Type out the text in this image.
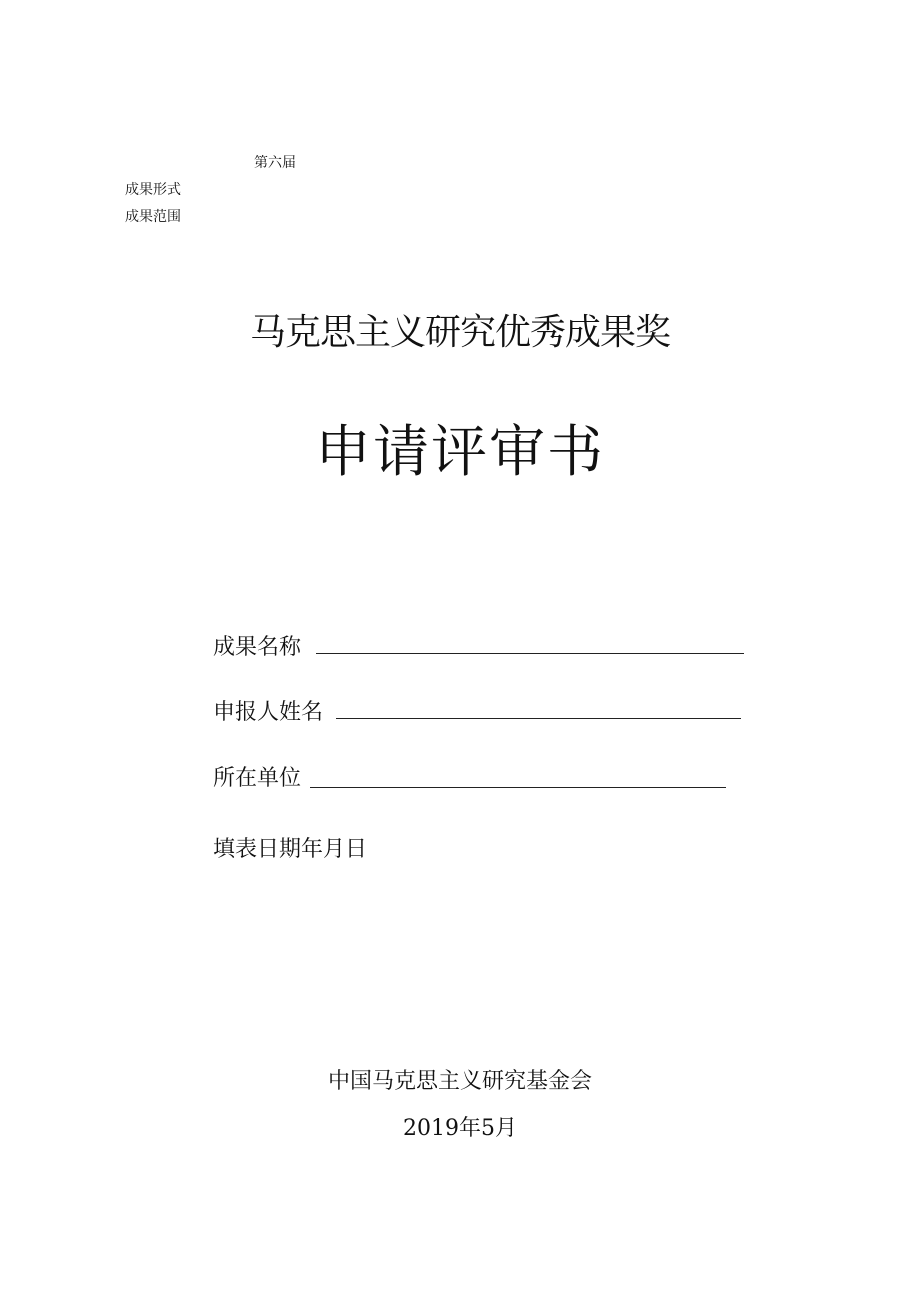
第六届
成果形式
成果范围
马克思主义研究优秀成果奖
申请评审书
成果名称
申报人姓名
所在单位
填表日期年月日
中国马克思主义研究基金会
2019年5月
